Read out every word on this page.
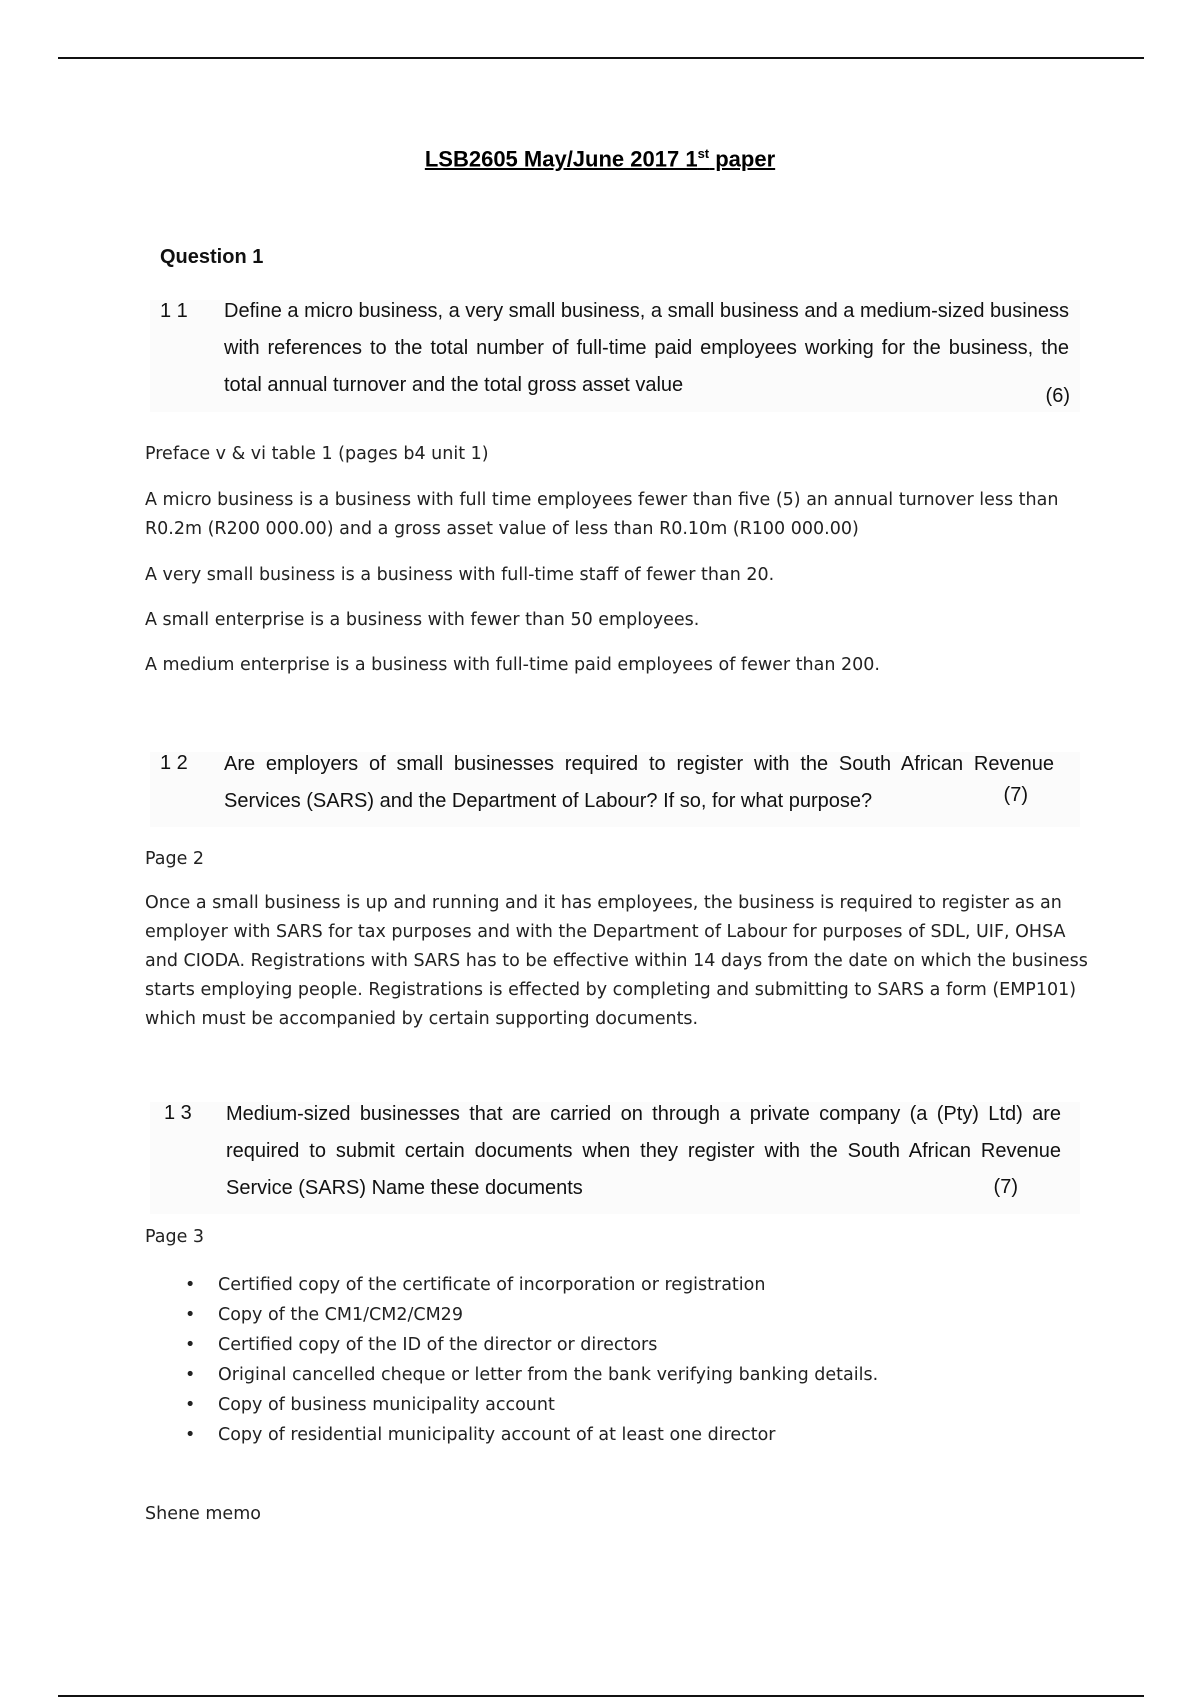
LSB2605 May/June 2017 1st paper
Question 1
1 1 Define a micro business, a very small business, a small business and a medium-sized business with references to the total number of full-time paid employees working for the business, the total annual turnover and the total gross asset value	(6)

Preface v & vi table 1 (pages b4 unit 1)

A micro business is a business with full time employees fewer than five (5) an annual turnover less than R0.2m (R200 000.00) and a gross asset value of less than R0.10m (R100 000.00)

A very small business is a business with full-time staff of fewer than 20.

A small enterprise is a business with fewer than 50 employees.

A medium enterprise is a business with full-time paid employees of fewer than 200.

1 2 Are employers of small businesses required to register with the South African Revenue Services (SARS) and the Department of Labour? If so, for what purpose?	(7)

Page 2

Once a small business is up and running and it has employees, the business is required to register as an employer with SARS for tax purposes and with the Department of Labour for purposes of SDL, UIF, OHSA and CIODA. Registrations with SARS has to be effective within 14 days from the date on which the business starts employing people. Registrations is effected by completing and submitting to SARS a form (EMP101) which must be accompanied by certain supporting documents.

1 3 Medium-sized businesses that are carried on through a private company (a (Pty) Ltd) are required to submit certain documents when they register with the South African Revenue Service (SARS) Name these documents	(7)
Page 3
• Certified copy of the certificate of incorporation or registration
• Copy of the CM1/CM2/CM29
• Certified copy of the ID of the director or directors
• Original cancelled cheque or letter from the bank verifying banking details.
• Copy of business municipality account
• Copy of residential municipality account of at least one director
Shene memo
